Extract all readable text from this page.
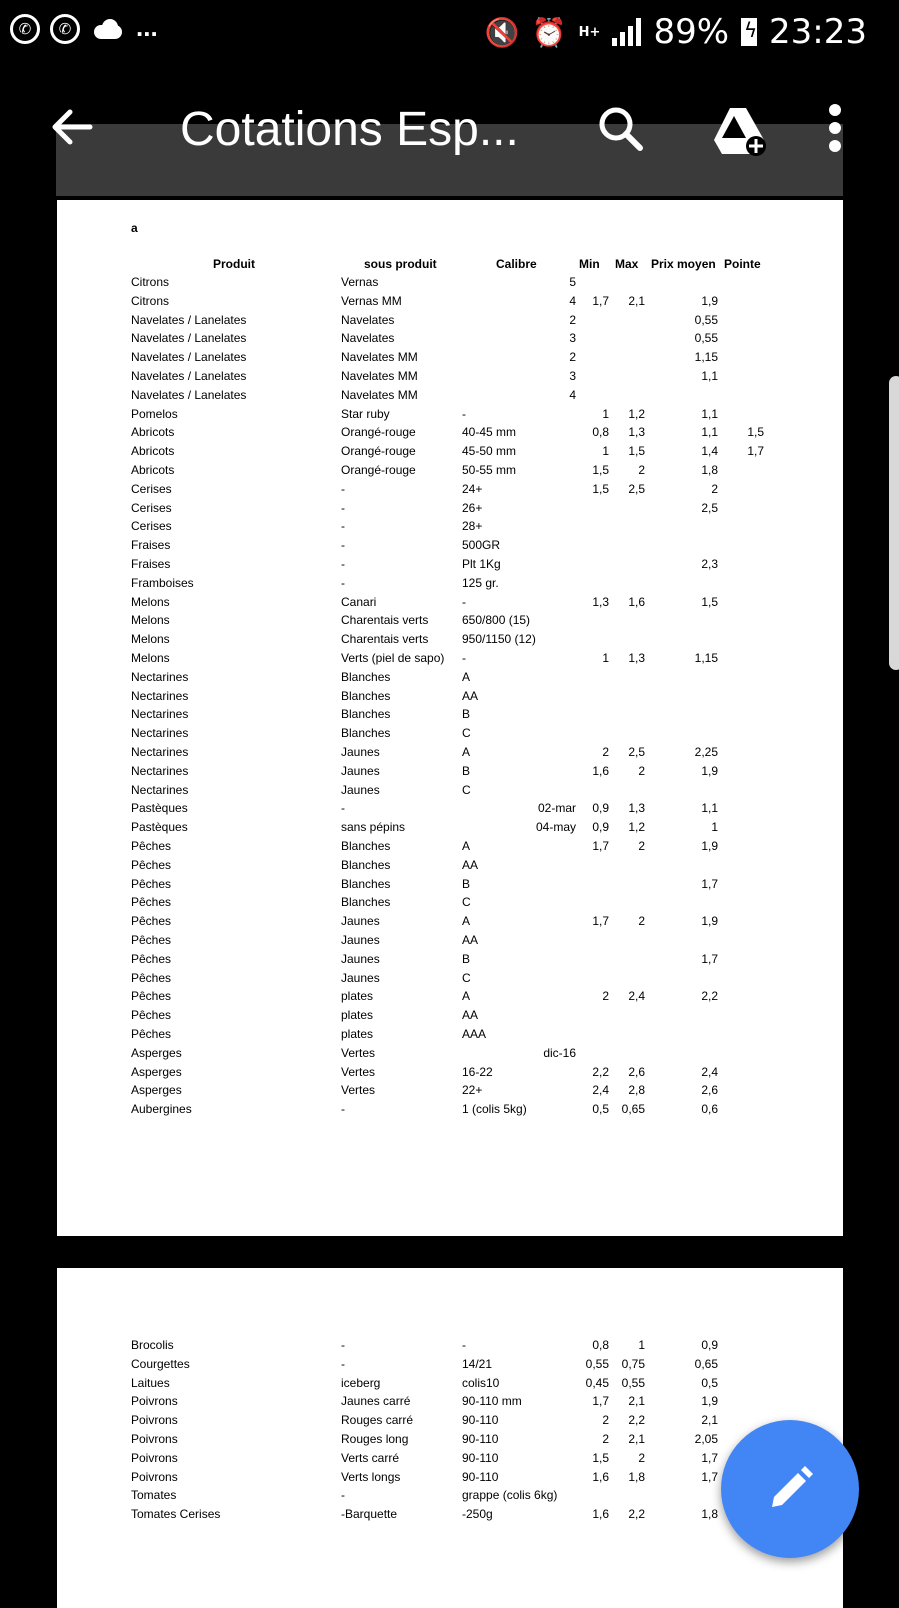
✆	✆	...	🔇 ⏰ H+ 89%
ϟ 23:23
Cotations Esp...
a
Produit	sous produit	Calibre	Min Max Prix moyen Pointe
Citrons	Vernas	5
Citrons	Vernas MM	4 1,7 2,1	1,9
Navelates / Lanelates	Navelates	2	0,55
Navelates / Lanelates	Navelates	3	0,55
Navelates / Lanelates	Navelates MM	2	1,15
Navelates / Lanelates	Navelates MM	3	1,1
Navelates / Lanelates	Navelates MM	4
Pomelos	Star ruby	-	1 1,2	1,1
Abricots	Orangé-rouge	40-45 mm	0,8 1,3	1,1 1,5
Abricots	Orangé-rouge	45-50 mm	1 1,5	1,4 1,7
Abricots	Orangé-rouge	50-55 mm	1,5 2	1,8
Cerises	-	24+	1,5 2,5	2
Cerises	-	26+	2,5
Cerises	-	28+
Fraises	-	500GR
Fraises	-	Plt 1Kg	2,3
Framboises	-	125 gr.
Melons	Canari	-	1,3 1,6	1,5
Melons	Charentais verts	650/800 (15)
Melons	Charentais verts	950/1150 (12)
Melons	Verts (piel de sapo) -	1 1,3	1,15
Nectarines	Blanches	A
Nectarines	Blanches	AA
Nectarines	Blanches	B
Nectarines	Blanches	C
Nectarines	Jaunes	A	2 2,5	2,25
Nectarines	Jaunes	B	1,6 2	1,9
Nectarines	Jaunes	C
Pastèques	-	02-mar 0,9 1,3	1,1
Pastèques	sans pépins	04-may 0,9 1,2	1
Pêches	Blanches	A	1,7 2	1,9
Pêches	Blanches	AA
Pêches	Blanches	B	1,7
Pêches	Blanches	C
Pêches	Jaunes	A	1,7 2	1,9
Pêches	Jaunes	AA
Pêches	Jaunes	B	1,7
Pêches	Jaunes	C
Pêches	plates	A	2 2,4	2,2
Pêches	plates	AA
Pêches	plates	AAA
Asperges	Vertes	dic-16
Asperges	Vertes	16-22	2,2 2,6	2,4
Asperges	Vertes	22+	2,4 2,8	2,6
Aubergines	-	1 (colis 5kg)	0,5 0,65	0,6
Brocolis	-	-	0,8 1	0,9
Courgettes	-	14/21	0,55 0,75	0,65
Laitues	iceberg	colis10	0,45 0,55	0,5
Poivrons	Jaunes carré	90-110 mm	1,7 2,1	1,9
Poivrons	Rouges carré	90-110	2 2,2	2,1
Poivrons	Rouges long	90-110	2 2,1	2,05
Poivrons	Verts carré	90-110	1,5 2	1,7
Poivrons	Verts longs	90-110	1,6 1,8	1,7
Tomates	-	grappe (colis 6kg)
Tomates Cerises	-Barquette	-250g	1,6 2,2	1,8
